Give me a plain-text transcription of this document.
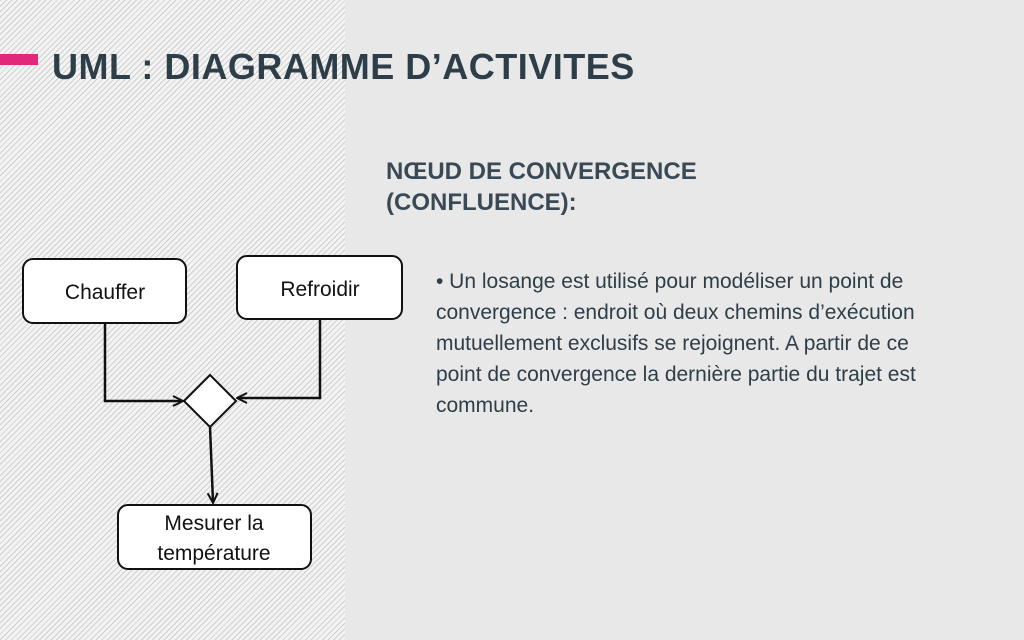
UML : DIAGRAMME D’ACTIVITES
NŒUD DE CONVERGENCE
(CONFLUENCE):

• Un losange est utilisé pour modéliser un point de convergence : endroit où deux chemins d’exécution mutuellement exclusifs se rejoignent. A partir de ce point de convergence la dernière partie du trajet est commune.

Chauffer	Refroidir
Mesurer la
température
